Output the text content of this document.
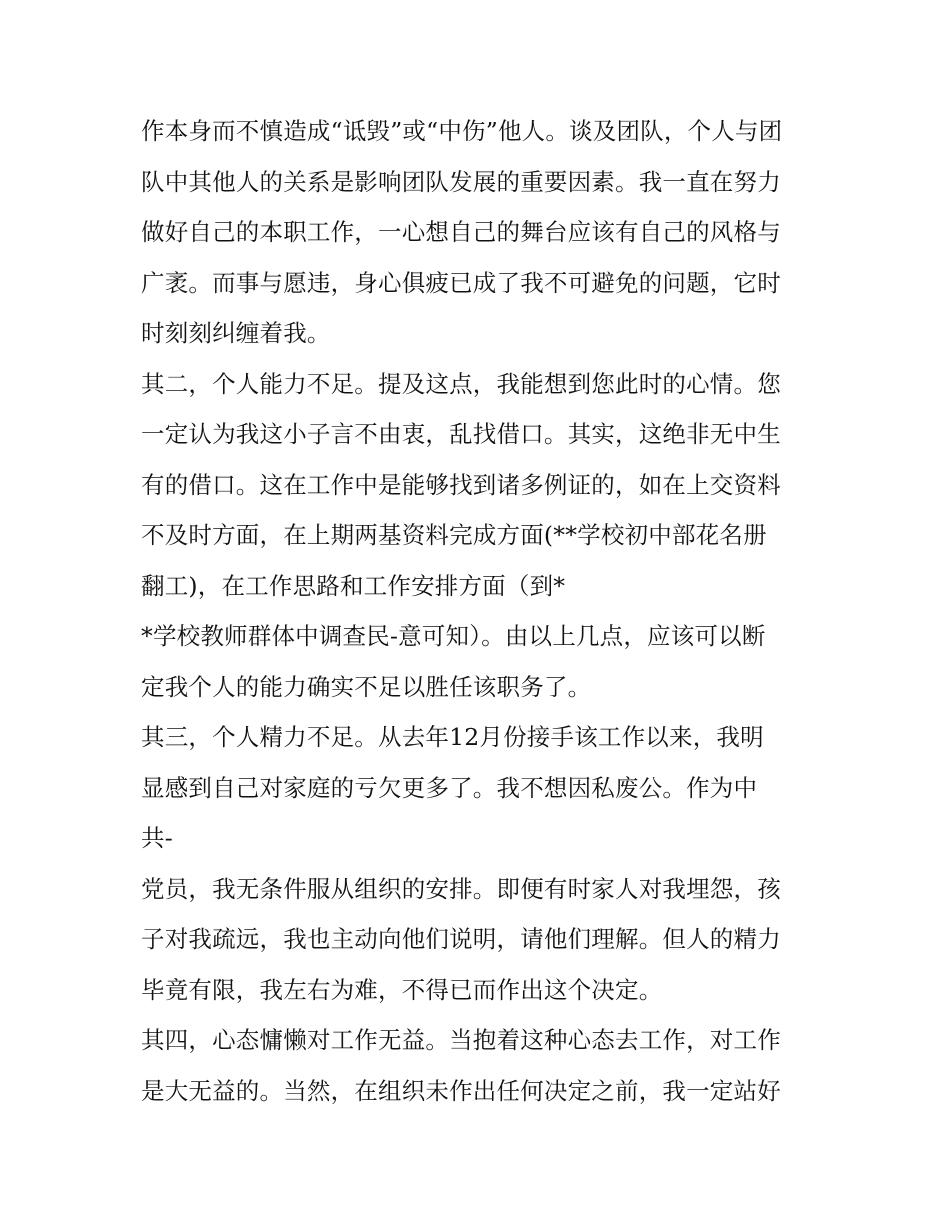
作本身而不慎造成“诋毁”或“中伤”他人。谈及团队，个人与团
队中其他人的关系是影响团队发展的重要因素。我一直在努力
做好自己的本职工作，一心想自己的舞台应该有自己的风格与
广袤。而事与愿违，身心俱疲已成了我不可避免的问题，它时
时刻刻纠缠着我。
其二，个人能力不足。提及这点，我能想到您此时的心情。您
一定认为我这小子言不由衷，乱找借口。其实，这绝非无中生
有的借口。这在工作中是能够找到诸多例证的，如在上交资料
不及时方面，在上期两基资料完成方面(**学校初中部花名册
翻工)，在工作思路和工作安排方面（到*
*学校教师群体中调查民-意可知）。由以上几点，应该可以断
定我个人的能力确实不足以胜任该职务了。
其三，个人精力不足。从去年12月份接手该工作以来，我明
显感到自己对家庭的亏欠更多了。我不想因私废公。作为中
共-
党员，我无条件服从组织的安排。即便有时家人对我埋怨，孩
子对我疏远，我也主动向他们说明，请他们理解。但人的精力
毕竟有限，我左右为难，不得已而作出这个决定。
其四，心态慵懒对工作无益。当抱着这种心态去工作，对工作
是大无益的。当然，在组织未作出任何决定之前，我一定站好
